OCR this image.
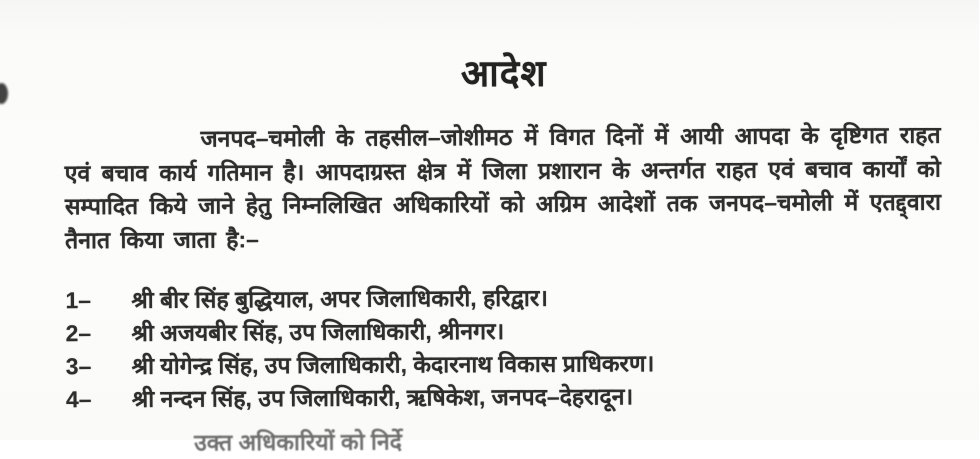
आदेश
जनपद–चमोली के तहसील–जोशीमठ में विगत दिनों में आयी आपदा के दृष्टिगत राहत एवं बचाव कार्य गतिमान है। आपदाग्रस्त क्षेत्र में जिला प्रशारान के अन्तर्गत राहत एवं बचाव कार्यों को सम्पादित किये जाने हेतु निम्नलिखित अधिकारियों को अग्रिम आदेशों तक जनपद–चमोली में एतद्द्वारा तैनात किया जाता है:–
1–	श्री बीर सिंह बुद्धियाल, अपर जिलाधिकारी, हरिद्वार।
2–	श्री अजयबीर सिंह, उप जिलाधिकारी, श्रीनगर।
3–	श्री योगेन्द्र सिंह, उप जिलाधिकारी, केदारनाथ विकास प्राधिकरण।
4–	श्री नन्दन सिंह, उप जिलाधिकारी, ऋषिकेश, जनपद–देहरादून।
उक्त अधिकारियों को निर्दे
